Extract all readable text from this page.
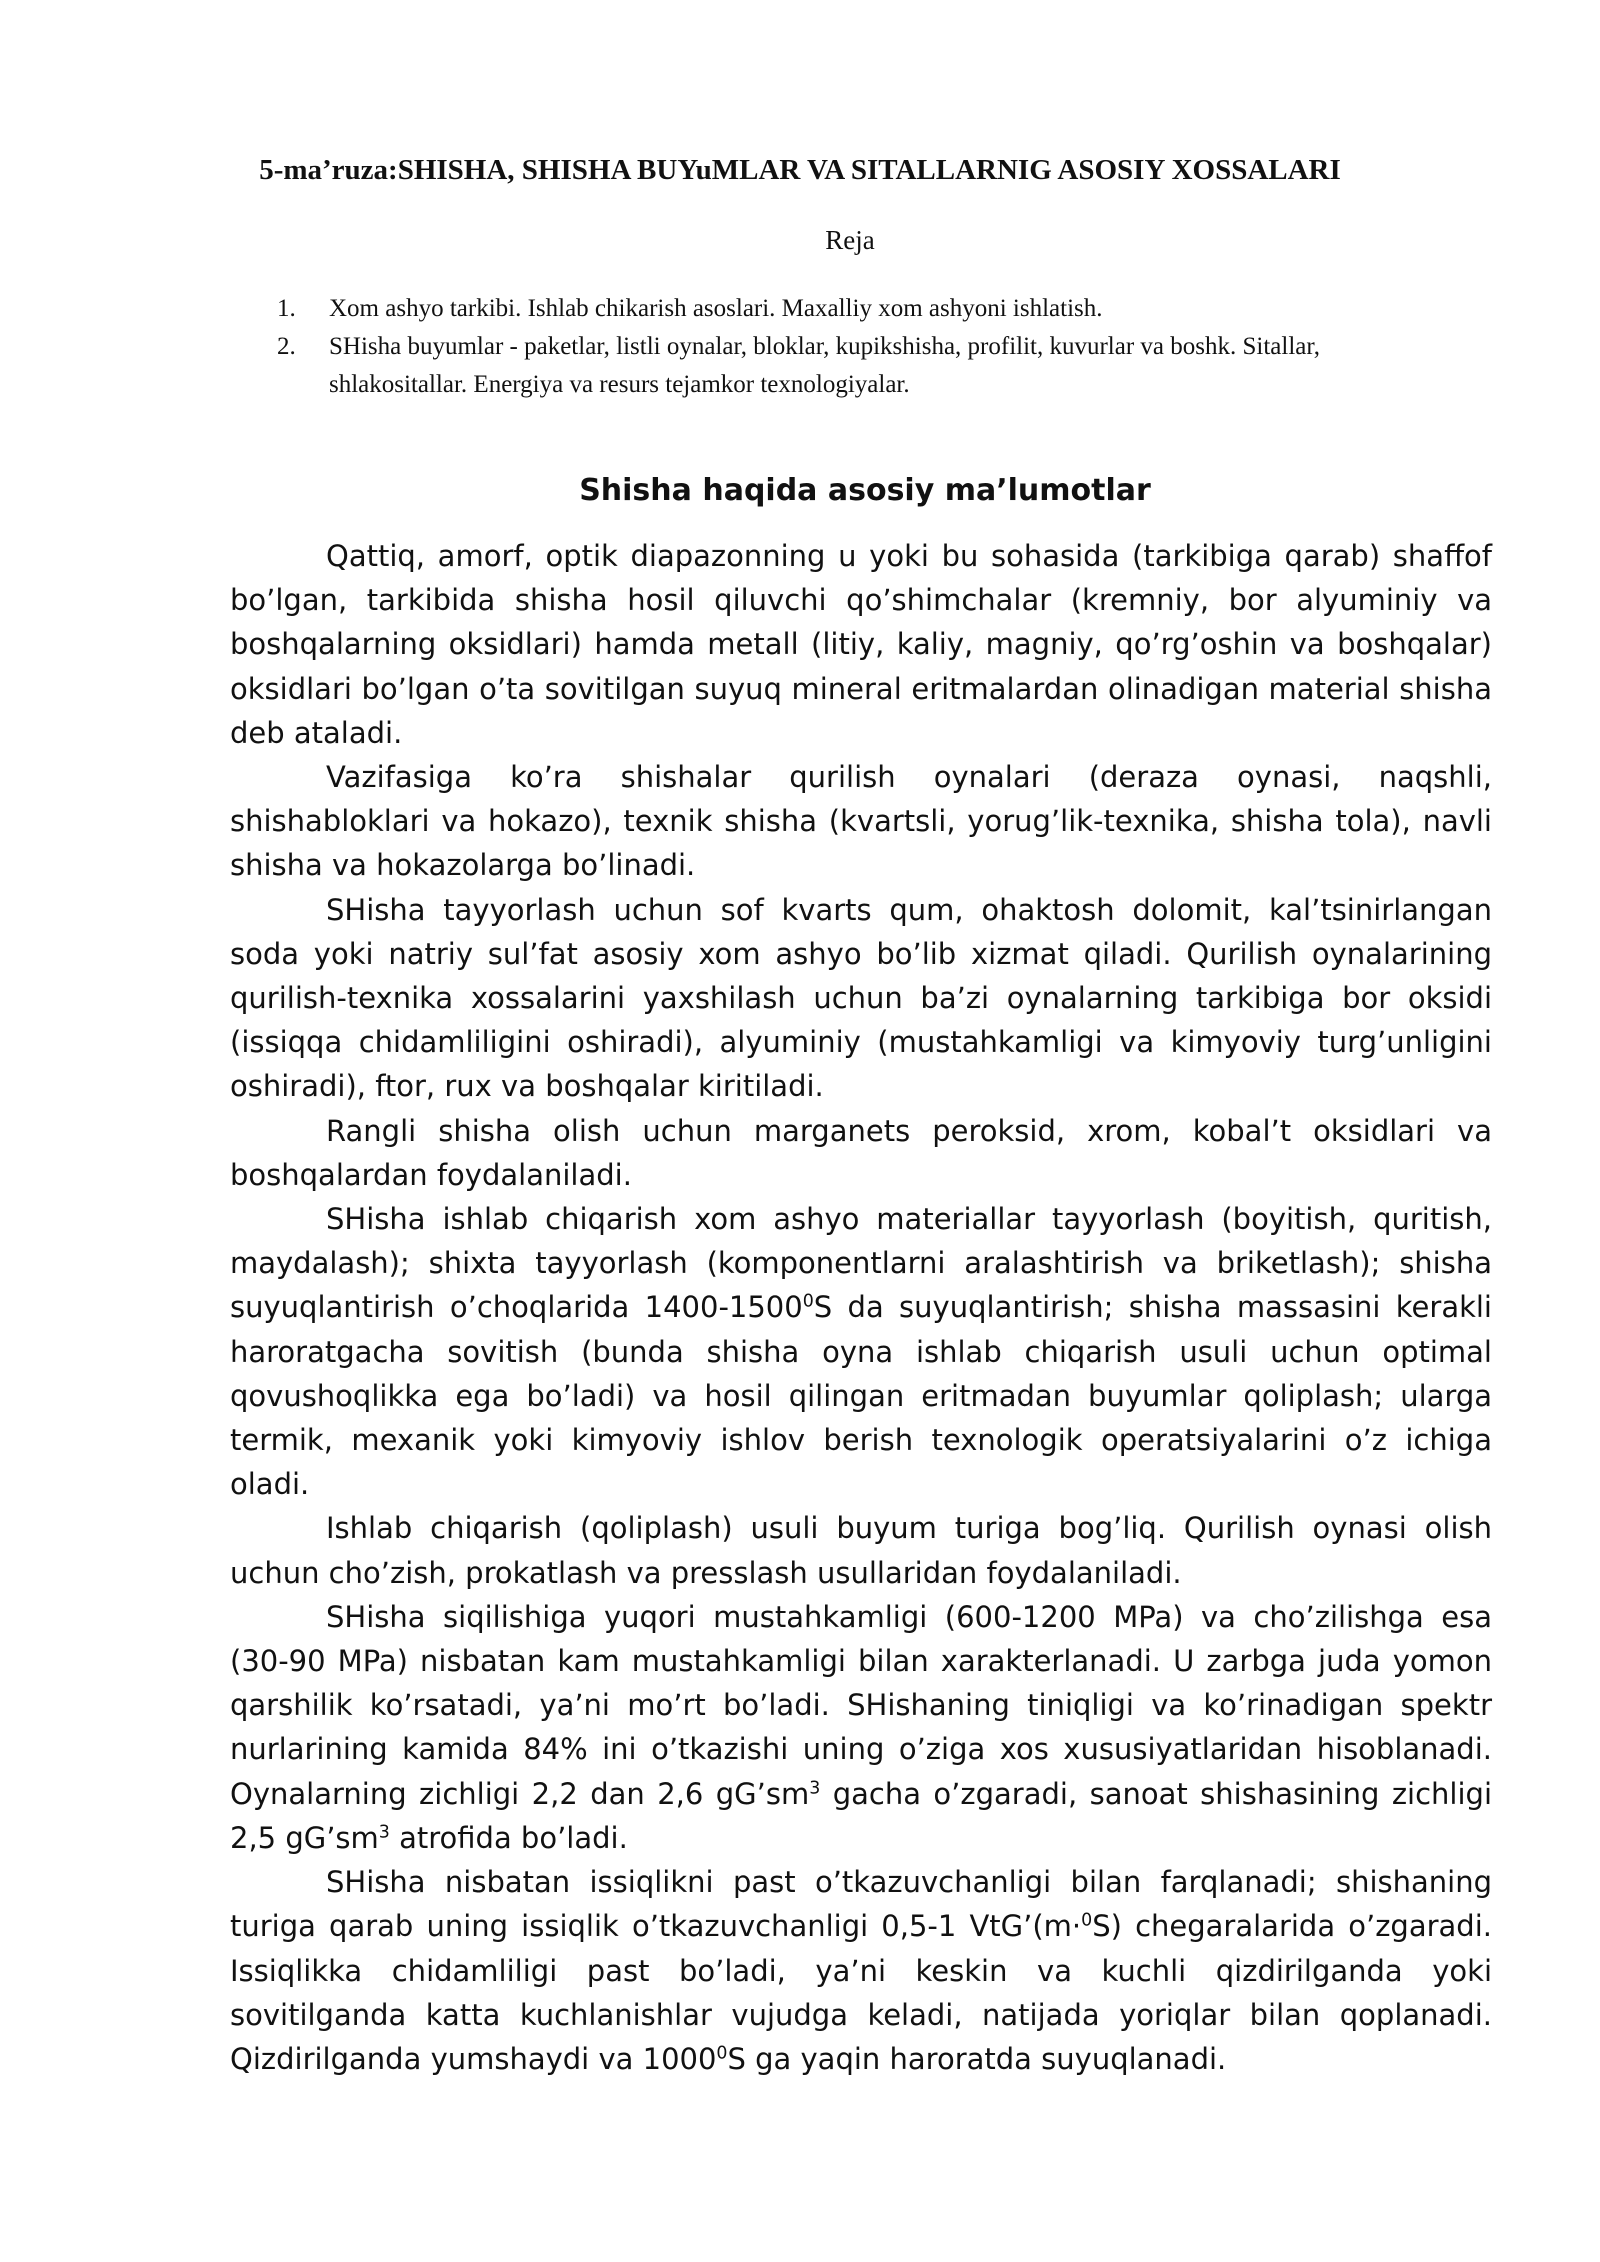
5-ma’ruza:SHISHA, SHISHA BUYuMLAR VA SITALLARNIG ASOSIY XOSSALARI
Reja
1. Xom ashyo tarkibi. Ishlab chikarish asoslari. Maxalliy xom ashyoni ishlatish.
2. SHisha buyumlar - paketlar, listli oynalar, bloklar, kupikshisha, profilit, kuvurlar va boshk. Sitallar, shlakositallar. Energiya va resurs tejamkor texnologiyalar.
Shisha haqida asosiy ma’lumotlar

Qattiq, amorf, optik diapazonning u yoki bu sohasida (tarkibiga qarab) shaffof bo’lgan, tarkibida shisha hosil qiluvchi qo’shimchalar (kremniy, bor alyuminiy va boshqalarning oksidlari) hamda metall (litiy, kaliy, magniy, qo’rg’oshin va boshqalar) oksidlari bo’lgan o’ta sovitilgan suyuq mineral eritmalardan olinadigan material shisha deb ataladi.

Vazifasiga ko’ra shishalar qurilish oynalari (deraza oynasi, naqshli, shishabloklari va hokazo), texnik shisha (kvartsli, yorug’lik-texnika, shisha tola), navli shisha va hokazolarga bo’linadi.

SHisha tayyorlash uchun sof kvarts qum, ohaktosh dolomit, kal’tsinirlangan soda yoki natriy sul’fat asosiy xom ashyo bo’lib xizmat qiladi. Qurilish oynalarining qurilish-texnika xossalarini yaxshilash uchun ba’zi oynalarning tarkibiga bor oksidi (issiqqa chidamliligini oshiradi), alyuminiy (mustahkamligi va kimyoviy turg’unligini oshiradi), ftor, rux va boshqalar kiritiladi.

Rangli shisha olish uchun marganets peroksid, xrom, kobal’t oksidlari va boshqalardan foydalaniladi.

SHisha ishlab chiqarish xom ashyo materiallar tayyorlash (boyitish, quritish, maydalash); shixta tayyorlash (komponentlarni aralashtirish va briketlash); shisha suyuqlantirish o’choqlarida 1400-1500$^0$S da suyuqlantirish; shisha massasini kerakli haroratgacha sovitish (bunda shisha oyna ishlab chiqarish usuli uchun optimal qovushoqlikka ega bo’ladi) va hosil qilingan eritmadan buyumlar qoliplash; ularga termik, mexanik yoki kimyoviy ishlov berish texnologik operatsiyalarini o’z ichiga oladi.

Ishlab chiqarish (qoliplash) usuli buyum turiga bog’liq. Qurilish oynasi olish uchun cho’zish, prokatlash va presslash usullaridan foydalaniladi.

SHisha siqilishiga yuqori mustahkamligi (600-1200 MPa) va cho’zilishga esa (30-90 MPa) nisbatan kam mustahkamligi bilan xarakterlanadi. U zarbga juda yomon qarshilik ko’rsatadi, ya’ni mo’rt bo’ladi. SHishaning tiniqligi va ko’rinadigan spektr nurlarining kamida 84% ini o’tkazishi uning o’ziga xos xususiyatlaridan hisoblanadi. Oynalarning zichligi 2,2 dan 2,6 $gG’sm^3$ gacha o’zgaradi, sanoat shishasining zichligi 2,5 $gG’sm^3$ atrofida bo’ladi.

SHisha nisbatan issiqlikni past o’tkazuvchanligi bilan farqlanadi; shishaning turiga qarab uning issiqlik o’tkazuvchanligi 0,5-1 VtG’(m·$^0$S) chegaralarida o’zgaradi. Issiqlikka chidamliligi past bo’ladi, ya’ni keskin va kuchli qizdirilganda yoki sovitilganda katta kuchlanishlar vujudga keladi, natijada yoriqlar bilan qoplanadi. Qizdirilganda yumshaydi va 1000$^0$S ga yaqin haroratda suyuqlanadi.
